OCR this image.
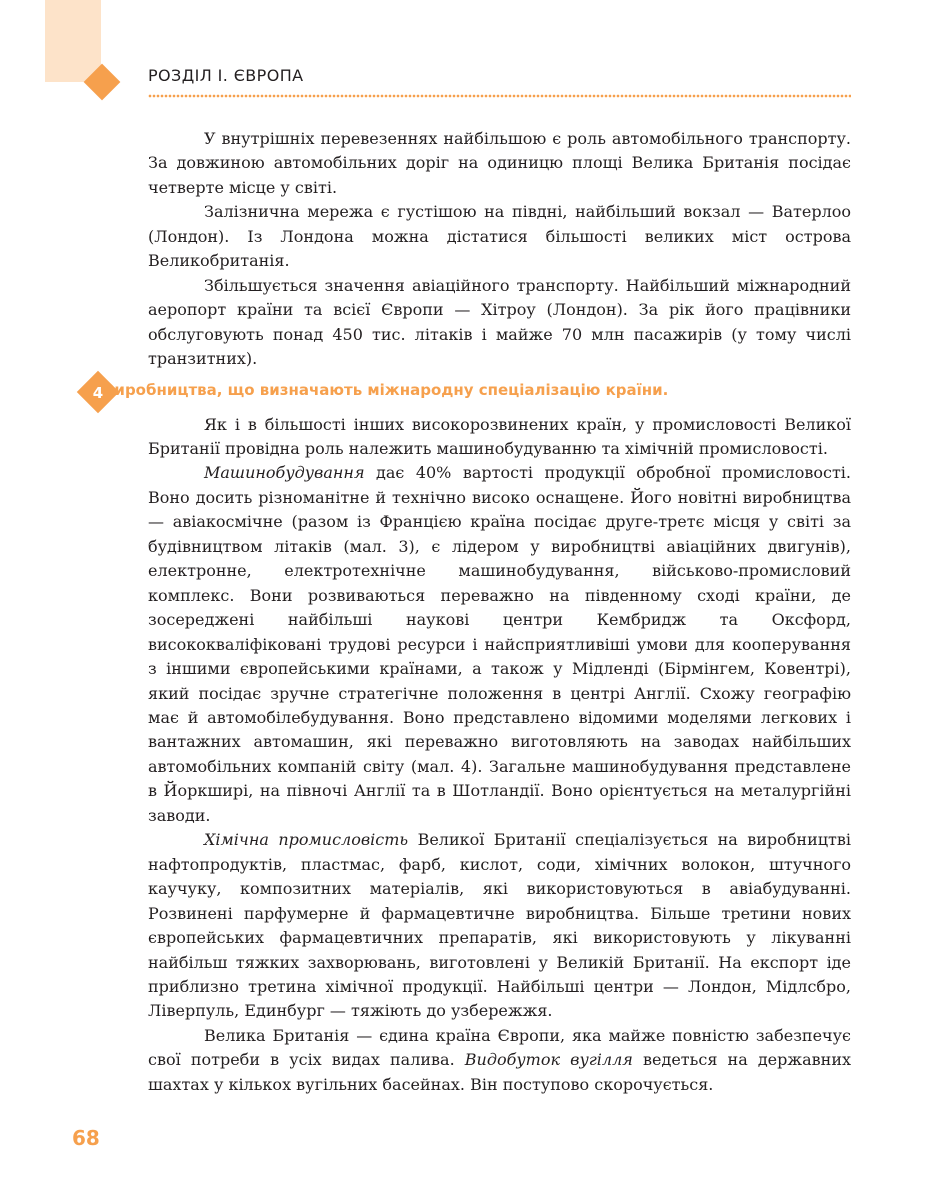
РОЗДІЛ І. ЄВРОПА

У внутрішніх перевезеннях найбільшою є роль автомобільного транспорту. За довжиною автомобільних доріг на одиницю площі Велика Британія посідає четверте місце у світі.

Залізнична мережа є густішою на півдні, найбільший вокзал — Ватерлоо (Лондон). Із Лондона можна дістатися більшості великих міст острова Великобританія.

Збільшується значення авіаційного транспорту. Найбільший міжнародний аеропорт країни та всієї Європи — Хітроу (Лондон). За рік його працівники обслуговують понад 450 тис. літаків і майже 70 млн пасажирів (у тому числі транзитних).

4 Виробництва, що визначають міжнародну спеціалізацію країни.

Як і в більшості інших високорозвинених країн, у промисловості Великої Британії провідна роль належить машинобудуванню та хімічній промисловості.

Машинобудування дає 40% вартості продукції обробної промисловості. Воно досить різноманітне й технічно високо оснащене. Його новітні виробництва — авіакосмічне (разом із Францією країна посідає друге-третє місця у світі за будівництвом літаків (мал. 3), є лідером у виробництві авіаційних двигунів), електронне, електротехнічне машинобудування, військово-промисловий комплекс. Вони розвиваються переважно на південному сході країни, де зосереджені найбільші наукові центри Кембридж та Оксфорд, висококваліфіковані трудові ресурси і найсприятливіші умови для кооперування з іншими європейськими країнами, а також у Мідленді (Бірмінгем, Ковентрі), який посідає зручне стратегічне положення в центрі Англії. Схожу географію має й автомобілебудування. Воно представлено відомими моделями легкових і вантажних автомашин, які переважно виготовляють на заводах найбільших автомобільних компаній світу (мал. 4). Загальне машинобудування представлене в Йоркширі, на півночі Англії та в Шотландії. Воно орієнтується на металургійні заводи.

Хімічна промисловість Великої Британії спеціалізується на виробництві нафтопродуктів, пластмас, фарб, кислот, соди, хімічних волокон, штучного каучуку, композитних матеріалів, які використовуються в авіабудуванні. Розвинені парфумерне й фармацевтичне виробництва. Більше третини нових європейських фармацевтичних препаратів, які використовують у лікуванні найбільш тяжких захворювань, виготовлені у Великій Британії. На експорт іде приблизно третина хімічної продукції. Найбільші центри — Лондон, Мідлсбро, Ліверпуль, Единбург — тяжіють до узбережжя.

Велика Британія — єдина країна Європи, яка майже повністю забезпечує свої потреби в усіх видах палива. Видобуток вугілля ведеться на державних шахтах у кількох вугільних басейнах. Він поступово скорочується.

68
